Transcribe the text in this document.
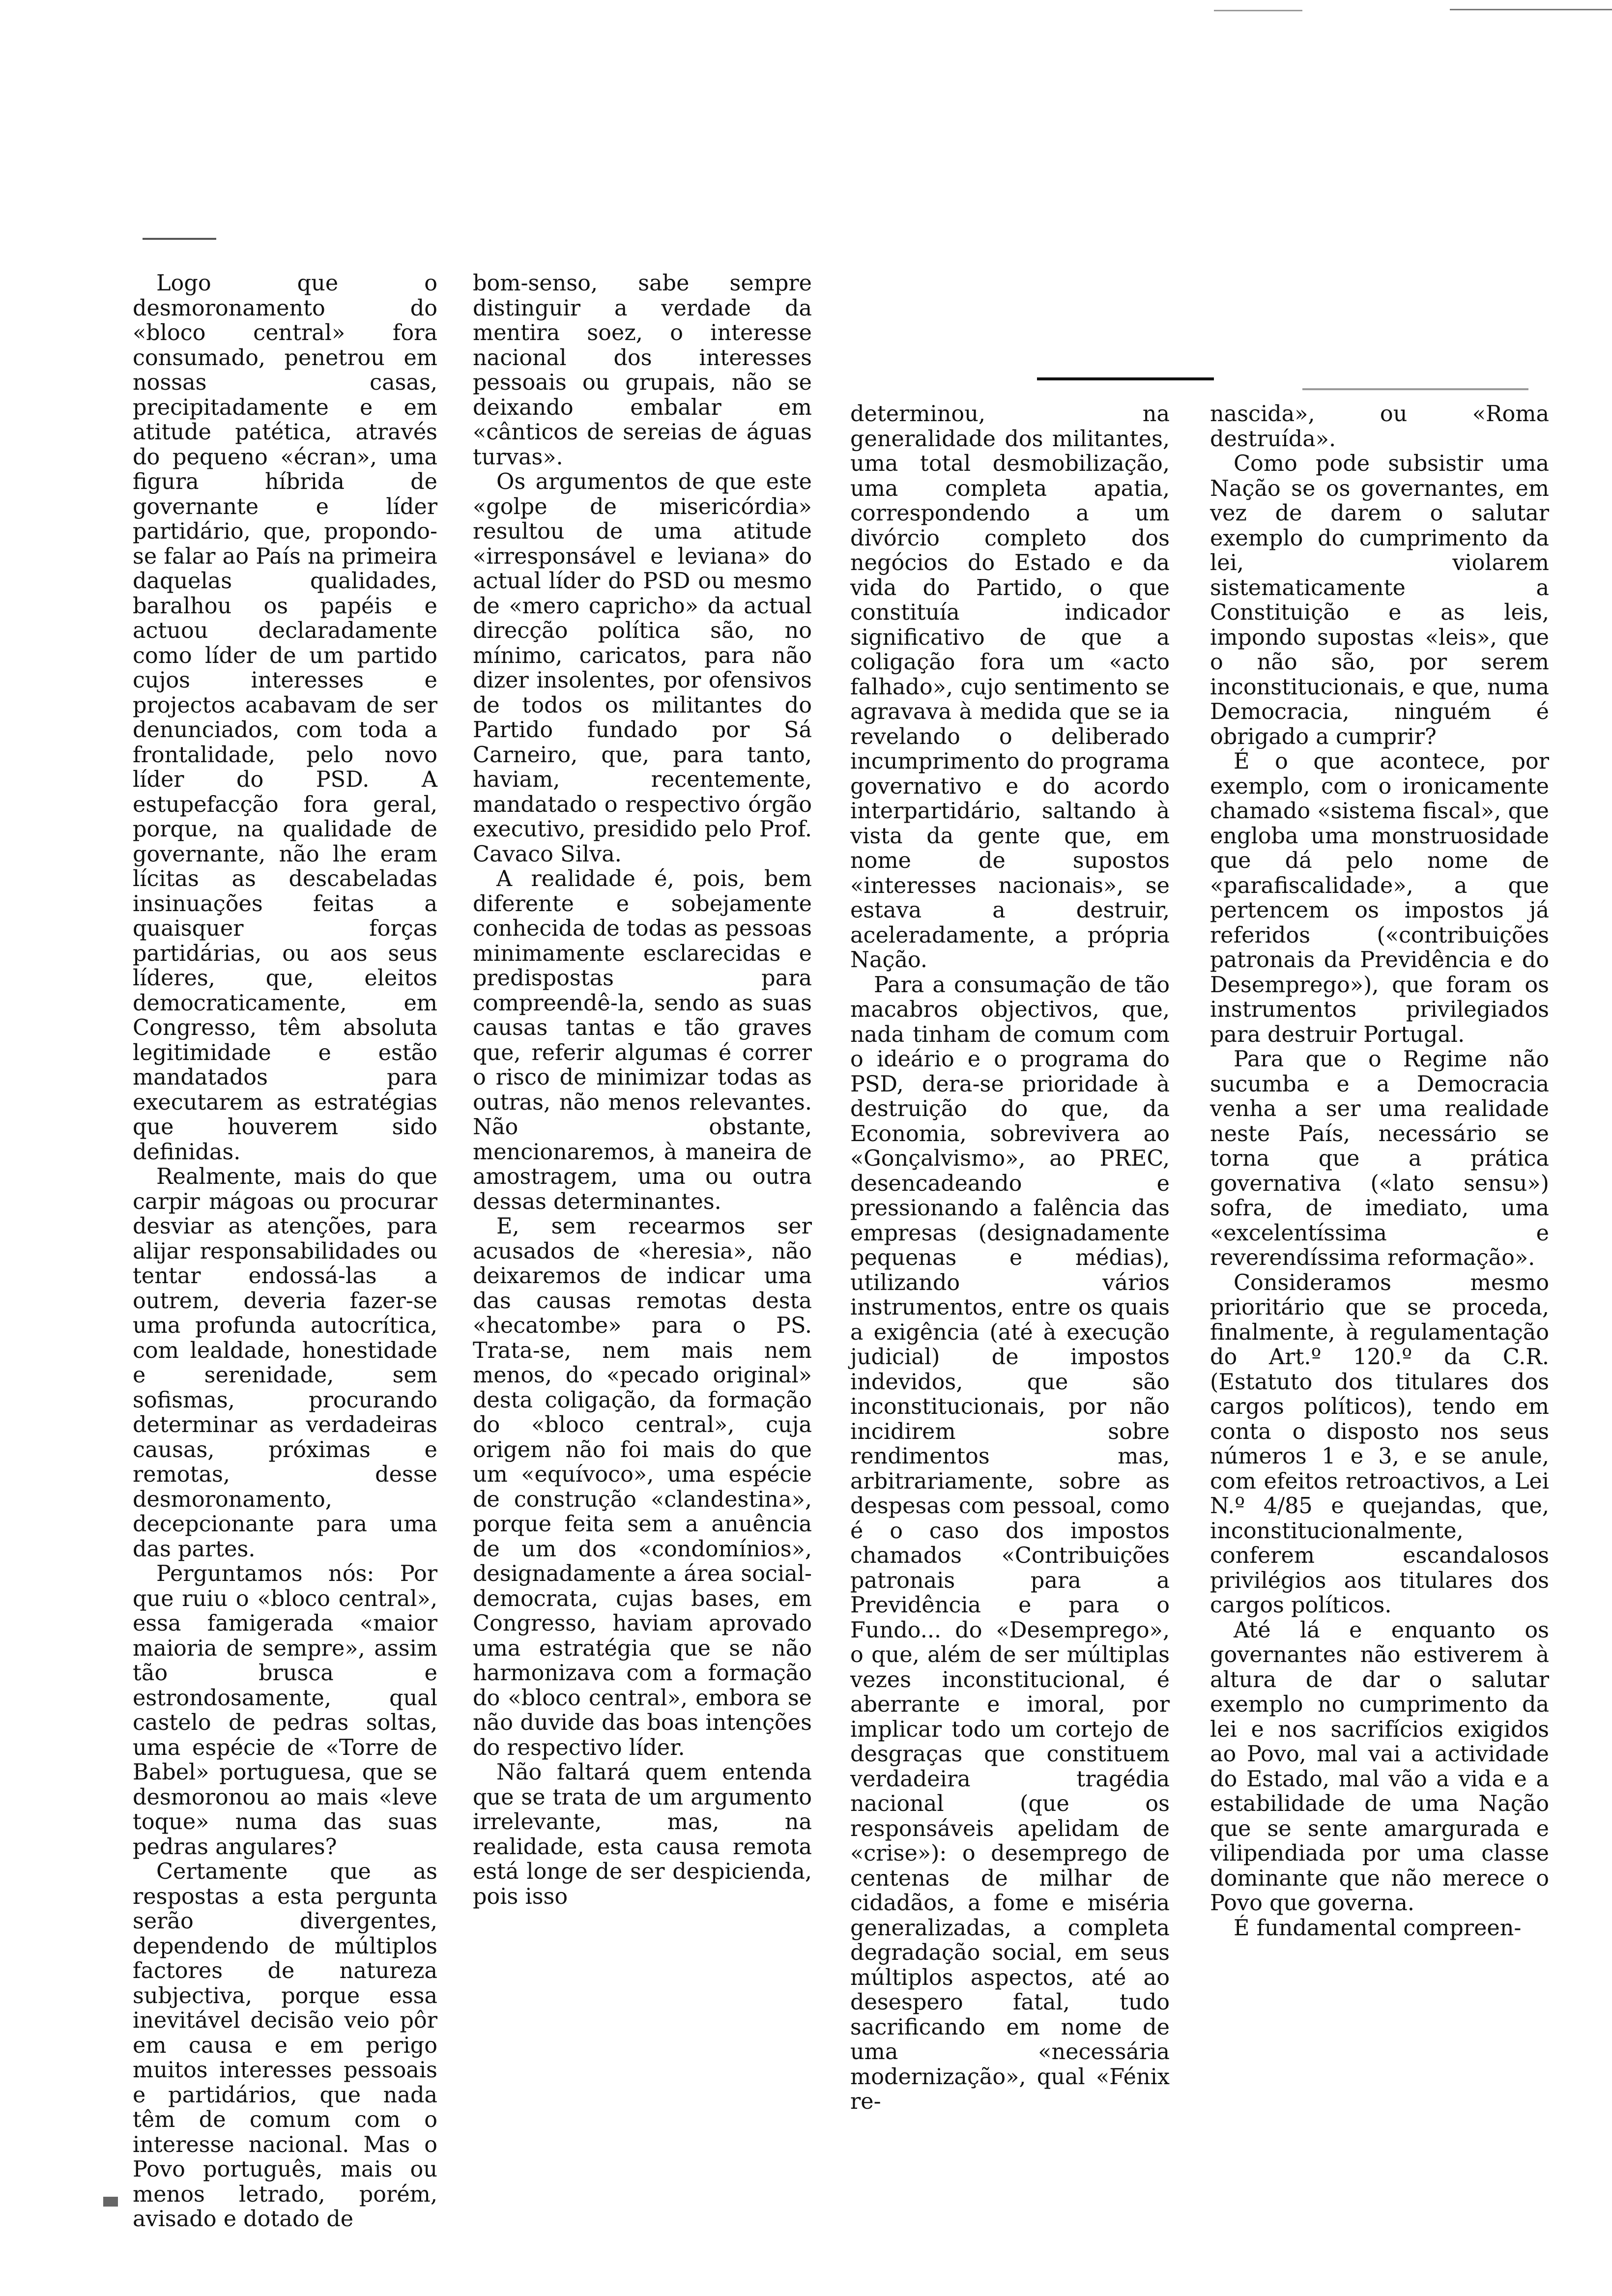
Logo que o desmoronamento do «bloco central» fora consumado, penetrou em nossas casas, precipitadamente e em atitude patética, através do pequeno «écran», uma figura híbrida de governante e líder partidário, que, propondo-se falar ao País na primeira daquelas qualidades, baralhou os papéis e actuou declaradamente como líder de um partido cujos interesses e projectos acabavam de ser denunciados, com toda a frontalidade, pelo novo líder do PSD. A estupefacção fora geral, porque, na qualidade de governante, não lhe eram lícitas as descabeladas insinuações feitas a quaisquer forças partidárias, ou aos seus líderes, que, eleitos democraticamente, em Congresso, têm absoluta legitimidade e estão mandatados para executarem as estratégias que houverem sido definidas.

Realmente, mais do que carpir mágoas ou procurar desviar as atenções, para alijar responsabilidades ou tentar endossá-las a outrem, deveria fazer-se uma profunda autocrítica, com lealdade, honestidade e serenidade, sem sofismas, procurando determinar as verdadeiras causas, próximas e remotas, desse desmoronamento, decepcionante para uma das partes.

Perguntamos nós: Por que ruiu o «bloco central», essa famigerada «maior maioria de sempre», assim tão brusca e estrondosamente, qual castelo de pedras soltas, uma espécie de «Torre de Babel» portuguesa, que se desmoronou ao mais «leve toque» numa das suas pedras angulares?

Certamente que as respostas a esta pergunta serão divergentes, dependendo de múltiplos factores de natureza subjectiva, porque essa inevitável decisão veio pôr em causa e em perigo muitos interesses pessoais e partidários, que nada têm de comum com o interesse nacional. Mas o Povo português, mais ou menos letrado, porém, avisado e dotado de

bom-senso, sabe sempre distinguir a verdade da mentira soez, o interesse nacional dos interesses pessoais ou grupais, não se deixando embalar em «cânticos de sereias de águas turvas».

Os argumentos de que este «golpe de misericórdia» resultou de uma atitude «irresponsável e leviana» do actual líder do PSD ou mesmo de «mero capricho» da actual direcção política são, no mínimo, caricatos, para não dizer insolentes, por ofensivos de todos os militantes do Partido fundado por Sá Carneiro, que, para tanto, haviam, recentemente, mandatado o respectivo órgão executivo, presidido pelo Prof. Cavaco Silva.

A realidade é, pois, bem diferente e sobejamente conhecida de todas as pessoas minimamente esclarecidas e predispostas para compreendê-la, sendo as suas causas tantas e tão graves que, referir algumas é correr o risco de minimizar todas as outras, não menos relevantes. Não obstante, mencionaremos, à maneira de amostragem, uma ou outra dessas determinantes.

E, sem recearmos ser acusados de «heresia», não deixaremos de indicar uma das causas remotas desta «hecatombe» para o PS. Trata-se, nem mais nem menos, do «pecado original» desta coligação, da formação do «bloco central», cuja origem não foi mais do que um «equívoco», uma espécie de construção «clandestina», porque feita sem a anuência de um dos «condomínios», designadamente a área social-democrata, cujas bases, em Congresso, haviam aprovado uma estratégia que se não harmonizava com a formação do «bloco central», embora se não duvide das boas intenções do respectivo líder.

Não faltará quem entenda que se trata de um argumento irrelevante, mas, na realidade, esta causa remota está longe de ser despicienda, pois isso

determinou, na generalidade dos militantes, uma total desmobilização, uma completa apatia, correspondendo a um divórcio completo dos negócios do Estado e da vida do Partido, o que constituía indicador significativo de que a coligação fora um «acto falhado», cujo sentimento se agravava à medida que se ia revelando o deliberado incumprimento do programa governativo e do acordo interpartidário, saltando à vista da gente que, em nome de supostos «interesses nacionais», se estava a destruir, aceleradamente, a própria Nação.

Para a consumação de tão macabros objectivos, que, nada tinham de comum com o ideário e o programa do PSD, dera-se prioridade à destruição do que, da Economia, sobrevivera ao «Gonçalvismo», ao PREC, desencadeando e pressionando a falência das empresas (designadamente pequenas e médias), utilizando vários instrumentos, entre os quais a exigência (até à execução judicial) de impostos indevidos, que são inconstitucionais, por não incidirem sobre rendimentos mas, arbitrariamente, sobre as despesas com pessoal, como é o caso dos impostos chamados «Contribuições patronais para a Previdência e para o Fundo... do «Desemprego», o que, além de ser múltiplas vezes inconstitucional, é aberrante e imoral, por implicar todo um cortejo de desgraças que constituem verdadeira tragédia nacional (que os responsáveis apelidam de «crise»): o desemprego de centenas de milhar de cidadãos, a fome e miséria generalizadas, a completa degradação social, em seus múltiplos aspectos, até ao desespero fatal, tudo sacrificando em nome de uma «necessária modernização», qual «Fénix re-

nascida», ou «Roma destruída».

Como pode subsistir uma Nação se os governantes, em vez de darem o salutar exemplo do cumprimento da lei, violarem sistematicamente a Constituição e as leis, impondo supostas «leis», que o não são, por serem inconstitucionais, e que, numa Democracia, ninguém é obrigado a cumprir?

É o que acontece, por exemplo, com o ironicamente chamado «sistema fiscal», que engloba uma monstruosidade que dá pelo nome de «parafiscalidade», a que pertencem os impostos já referidos («contribuições patronais da Previdência e do Desemprego»), que foram os instrumentos privilegiados para destruir Portugal.

Para que o Regime não sucumba e a Democracia venha a ser uma realidade neste País, necessário se torna que a prática governativa («lato sensu») sofra, de imediato, uma «excelentíssima e reverendíssima reformação».

Consideramos mesmo prioritário que se proceda, finalmente, à regulamentação do Art.º 120.º da C.R. (Estatuto dos titulares dos cargos políticos), tendo em conta o disposto nos seus números 1 e 3, e se anule, com efeitos retroactivos, a Lei N.º 4/85 e quejandas, que, inconstitucionalmente, conferem escandalosos privilégios aos titulares dos cargos políticos.

Até lá e enquanto os governantes não estiverem à altura de dar o salutar exemplo no cumprimento da lei e nos sacrifícios exigidos ao Povo, mal vai a actividade do Estado, mal vão a vida e a estabilidade de uma Nação que se sente amargurada e vilipendiada por uma classe dominante que não merece o Povo que governa.

É fundamental compreen-
